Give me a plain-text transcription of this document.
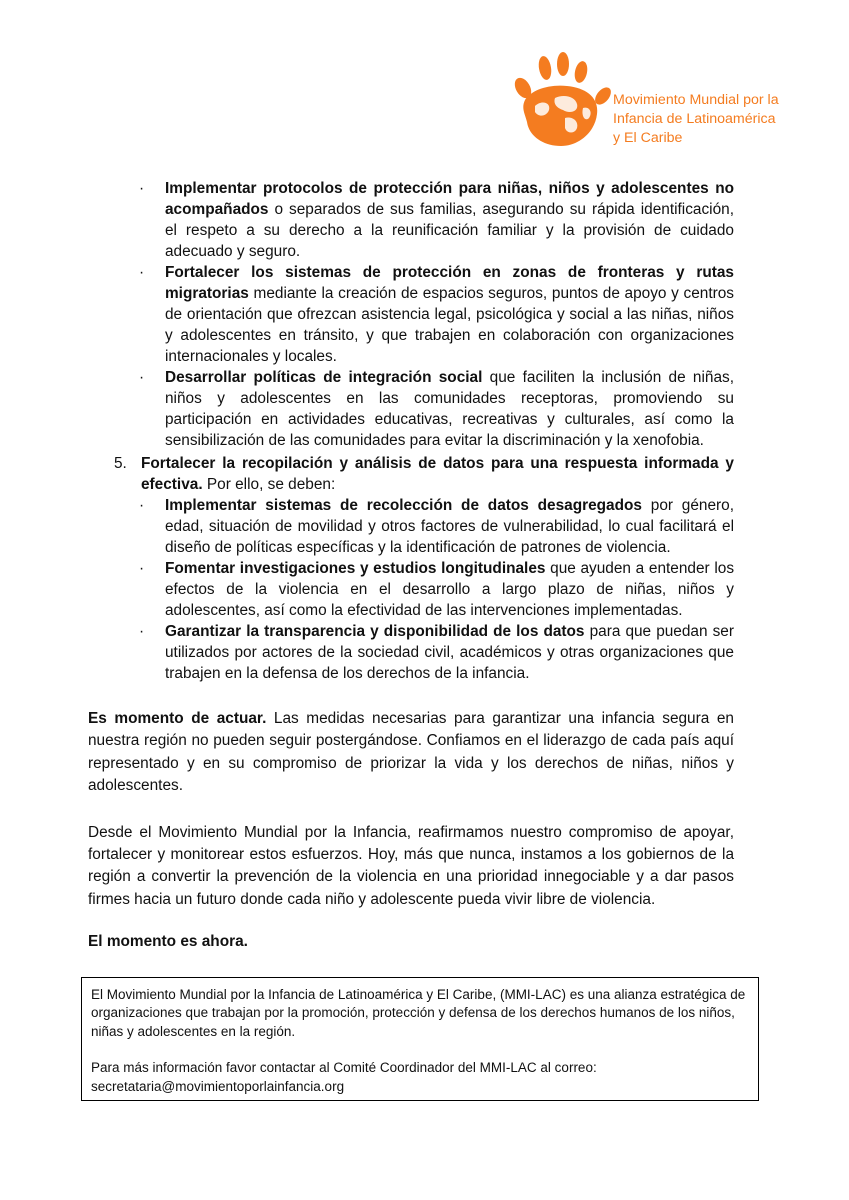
Movimiento Mundial por la
Infancia de Latinoamérica
y El Caribe
· Implementar protocolos de protección para niñas, niños y adolescentes no acompañados o separados de sus familias, asegurando su rápida identificación, el respeto a su derecho a la reunificación familiar y la provisión de cuidado adecuado y seguro.
· Fortalecer los sistemas de protección en zonas de fronteras y rutas migratorias mediante la creación de espacios seguros, puntos de apoyo y centros de orientación que ofrezcan asistencia legal, psicológica y social a las niñas, niños y adolescentes en tránsito, y que trabajen en colaboración con organizaciones internacionales y locales.
· Desarrollar políticas de integración social que faciliten la inclusión de niñas, niños y adolescentes en las comunidades receptoras, promoviendo su participación en actividades educativas, recreativas y culturales, así como la sensibilización de las comunidades para evitar la discriminación y la xenofobia.
5. Fortalecer la recopilación y análisis de datos para una respuesta informada y efectiva. Por ello, se deben:
· Implementar sistemas de recolección de datos desagregados por género, edad, situación de movilidad y otros factores de vulnerabilidad, lo cual facilitará el diseño de políticas específicas y la identificación de patrones de violencia.
· Fomentar investigaciones y estudios longitudinales que ayuden a entender los efectos de la violencia en el desarrollo a largo plazo de niñas, niños y adolescentes, así como la efectividad de las intervenciones implementadas.
· Garantizar la transparencia y disponibilidad de los datos para que puedan ser utilizados por actores de la sociedad civil, académicos y otras organizaciones que trabajen en la defensa de los derechos de la infancia.

Es momento de actuar. Las medidas necesarias para garantizar una infancia segura en nuestra región no pueden seguir postergándose. Confiamos en el liderazgo de cada país aquí representado y en su compromiso de priorizar la vida y los derechos de niñas, niños y adolescentes.

Desde el Movimiento Mundial por la Infancia, reafirmamos nuestro compromiso de apoyar, fortalecer y monitorear estos esfuerzos. Hoy, más que nunca, instamos a los gobiernos de la región a convertir la prevención de la violencia en una prioridad innegociable y a dar pasos firmes hacia un futuro donde cada niño y adolescente pueda vivir libre de violencia.

El momento es ahora.

El Movimiento Mundial por la Infancia de Latinoamérica y El Caribe, (MMI-LAC) es una alianza estratégica de organizaciones que trabajan por la promoción, protección y defensa de los derechos humanos de los niños, niñas y adolescentes en la región.

Para más información favor contactar al Comité Coordinador del MMI-LAC al correo:

secretataria@movimientoporlainfancia.org
